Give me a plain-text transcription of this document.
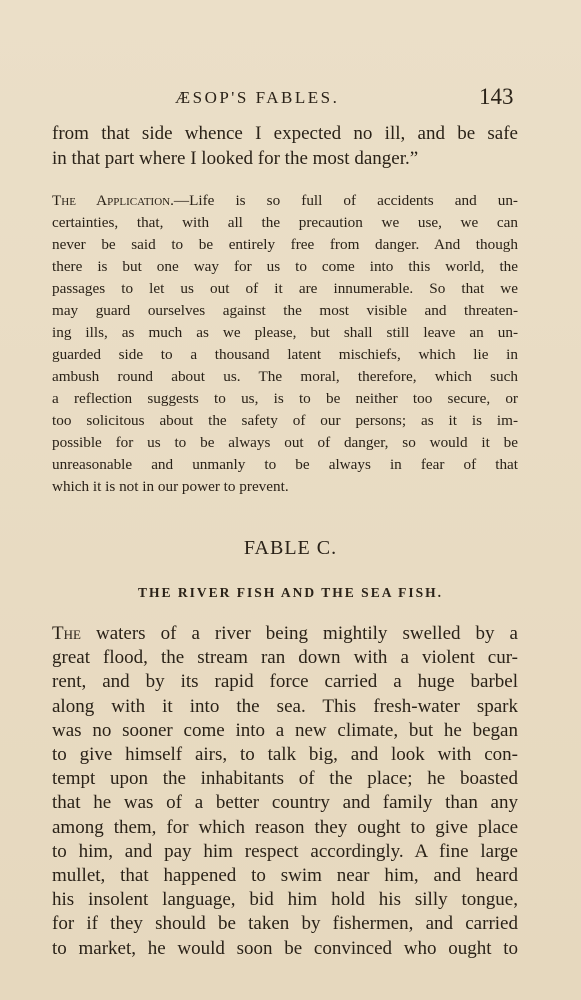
ÆSOP'S FABLES.	143
from that side whence I expected no ill, and be safe
in that part where I looked for the most danger.”
The Application.—Life is so full of accidents and un-
certainties, that, with all the precaution we use, we can
never be said to be entirely free from danger. And though
there is but one way for us to come into this world, the
passages to let us out of it are innumerable. So that we
may guard ourselves against the most visible and threaten-
ing ills, as much as we please, but shall still leave an un-
guarded side to a thousand latent mischiefs, which lie in
ambush round about us. The moral, therefore, which such
a reflection suggests to us, is to be neither too secure, or
too solicitous about the safety of our persons; as it is im-
possible for us to be always out of danger, so would it be
unreasonable and unmanly to be always in fear of that
which it is not in our power to prevent.
FABLE C.
THE RIVER FISH AND THE SEA FISH.
The waters of a river being mightily swelled by a
great flood, the stream ran down with a violent cur-
rent, and by its rapid force carried a huge barbel
along with it into the sea. This fresh-water spark
was no sooner come into a new climate, but he began
to give himself airs, to talk big, and look with con-
tempt upon the inhabitants of the place; he boasted
that he was of a better country and family than any
among them, for which reason they ought to give place
to him, and pay him respect accordingly. A fine large
mullet, that happened to swim near him, and heard
his insolent language, bid him hold his silly tongue,
for if they should be taken by fishermen, and carried
to market, he would soon be convinced who ought to
